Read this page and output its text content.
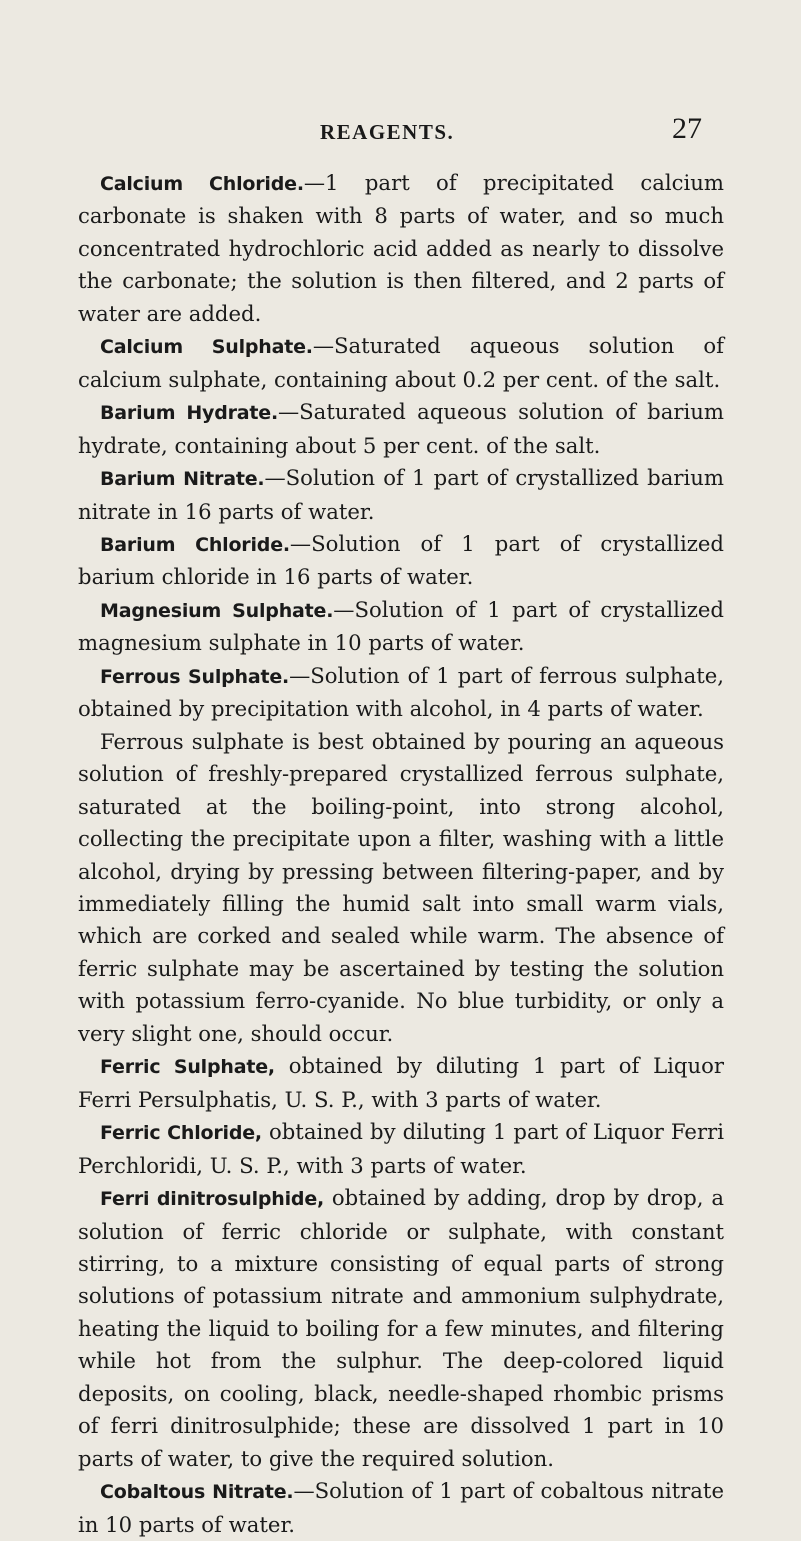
REAGENTS.	27

Calcium Chloride.—1 part of precipitated calcium carbonate is shaken with 8 parts of water, and so much concentrated hydrochloric acid added as nearly to dissolve the carbonate; the solution is then filtered, and 2 parts of water are added.

Calcium Sulphate.—Saturated aqueous solution of calcium sulphate, containing about 0.2 per cent. of the salt.

Barium Hydrate.—Saturated aqueous solution of barium hydrate, containing about 5 per cent. of the salt.

Barium Nitrate.—Solution of 1 part of crystallized barium nitrate in 16 parts of water.

Barium Chloride.—Solution of 1 part of crystallized barium chloride in 16 parts of water.

Magnesium Sulphate.—Solution of 1 part of crystallized magnesium sulphate in 10 parts of water.

Ferrous Sulphate.—Solution of 1 part of ferrous sulphate, obtained by precipitation with alcohol, in 4 parts of water.

Ferrous sulphate is best obtained by pouring an aqueous solution of freshly-prepared crystallized ferrous sulphate, saturated at the boiling-point, into strong alcohol, collecting the precipitate upon a filter, washing with a little alcohol, drying by pressing between filtering-paper, and by immediately filling the humid salt into small warm vials, which are corked and sealed while warm. The absence of ferric sulphate may be ascertained by testing the solution with potassium ferro-cyanide. No blue turbidity, or only a very slight one, should occur.

Ferric Sulphate, obtained by diluting 1 part of Liquor Ferri Persulphatis, U. S. P., with 3 parts of water.

Ferric Chloride, obtained by diluting 1 part of Liquor Ferri Perchloridi, U. S. P., with 3 parts of water.

Ferri dinitrosulphide, obtained by adding, drop by drop, a solution of ferric chloride or sulphate, with constant stirring, to a mixture consisting of equal parts of strong solutions of potassium nitrate and ammonium sulphydrate, heating the liquid to boiling for a few minutes, and filtering while hot from the sulphur. The deep-colored liquid deposits, on cooling, black, needle-shaped rhombic prisms of ferri dinitrosulphide; these are dissolved 1 part in 10 parts of water, to give the required solution.

Cobaltous Nitrate.—Solution of 1 part of cobaltous nitrate in 10 parts of water.
